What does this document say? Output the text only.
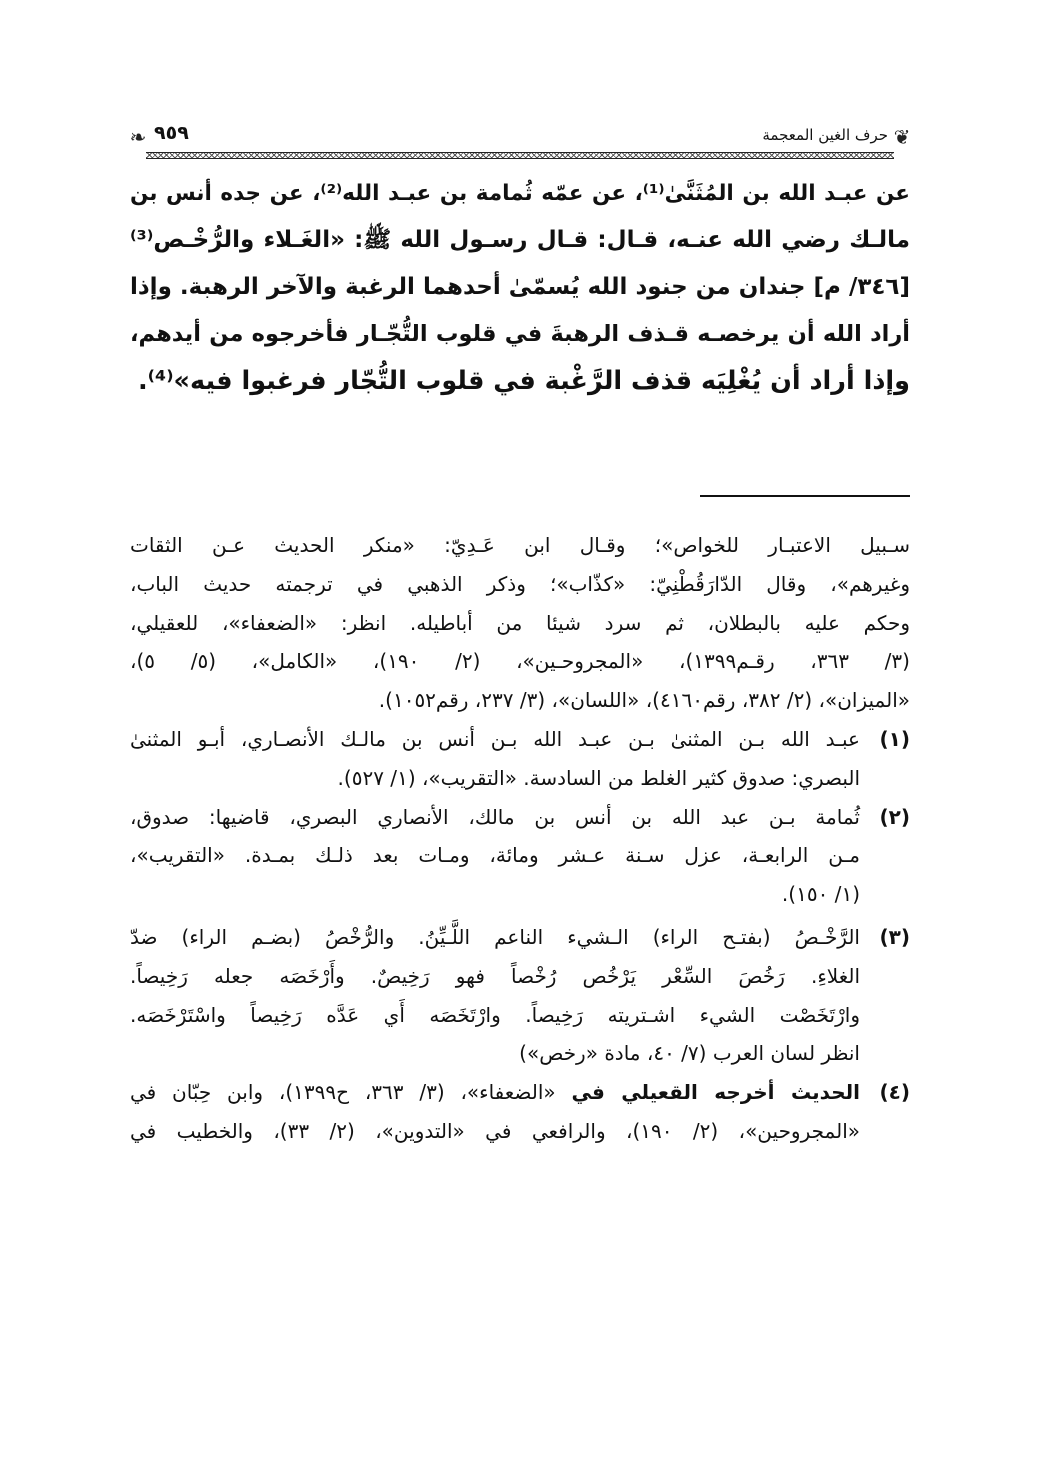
❦
حرف الغين المعجمة
٩٥٩
❧
عن عبـد الله بن المُثَنَّىٰ⁽¹⁾، عن عمّه ثُمامة بن عبـد الله⁽²⁾، عن جده أنس بن
مالـك رضي الله عنـه، قـال: قـال رسـول الله ﷺ: «الغَـلاء والرُّخْـص⁽³⁾
[٣٤٦/ م] جندان من جنود الله يُسمّىٰ أحدهما الرغبة والآخر الرهبة. وإذا
أراد الله أن يرخصـه قـذف الرهبةَ في قلوب التُّجّـار فأخرجوه من أيدهم،
وإذا أراد أن يُغْلِيَه قذف الرَّغْبة في قلوب التُّجّار فرغبوا فيه»⁽⁴⁾.
سـبيل الاعتبـار للخواص»؛ وقـال ابن عَـدِيّ: «منكر الحديث عـن الثقات
وغيرهم»، وقال الدّارَقُطْنِيّ: «كذّاب»؛ وذكر الذهبي في ترجمته حديث الباب،
وحكم عليه بالبطلان، ثم سرد شيئا من أباطيله. انظر: «الضعفاء»، للعقيلي،
(٣/ ٣٦٣، رقـم١٣٩٩)، «المجروحـين»، (٢/ ١٩٠)، «الكامل»، (٥/ ٥)،
«الميزان»، (٢/ ٣٨٢، رقم٤١٦٠)، «اللسان»، (٣/ ٢٣٧، رقم١٠٥٢).
(١)
عبـد الله بـن المثنىٰ بـن عبـد الله بـن أنس بن مالـك الأنصـاري، أبـو المثنىٰ
البصري: صدوق كثير الغلط من السادسة. «التقريب»، (١/ ٥٢٧).
(٢)
ثُمامة بـن عبد الله بن أنس بن مالك، الأنصاري البصري، قاضيها: صدوق،
مـن الرابعـة، عزل سـنة عـشر ومائة، ومـات بعد ذلـك بمـدة. «التقريب»،
(١/ ١٥٠).
(٣)
الرَّخْـصُ (بفتـح الراء) الـشيء الناعم اللَّـيِّنُ. والرُّخْصُ (بضـم الراء) ضدّ
الغلاءِ. رَخُصَ السِّعْر يَرْخُص رُخْصاً فهو رَخِيصٌ. وأَرْخَصَه جعله رَخِيصاً.
وارْتَخَصْت الشيء اشـتريته رَخِيصاً. وارْتَخَصَه أَي عَدَّه رَخِيصاً واسْتَرْخَصَه.
انظر لسان العرب (٧/ ٤٠، مادة «رخص»)
(٤)
الحديث أخرجه القعيلي في «الضعفاء»، (٣/ ٣٦٣، ح١٣٩٩)، وابن حِبّان في
«المجروحين»، (٢/ ١٩٠)، والرافعي في «التدوين»، (٢/ ٣٣)، والخطيب في
